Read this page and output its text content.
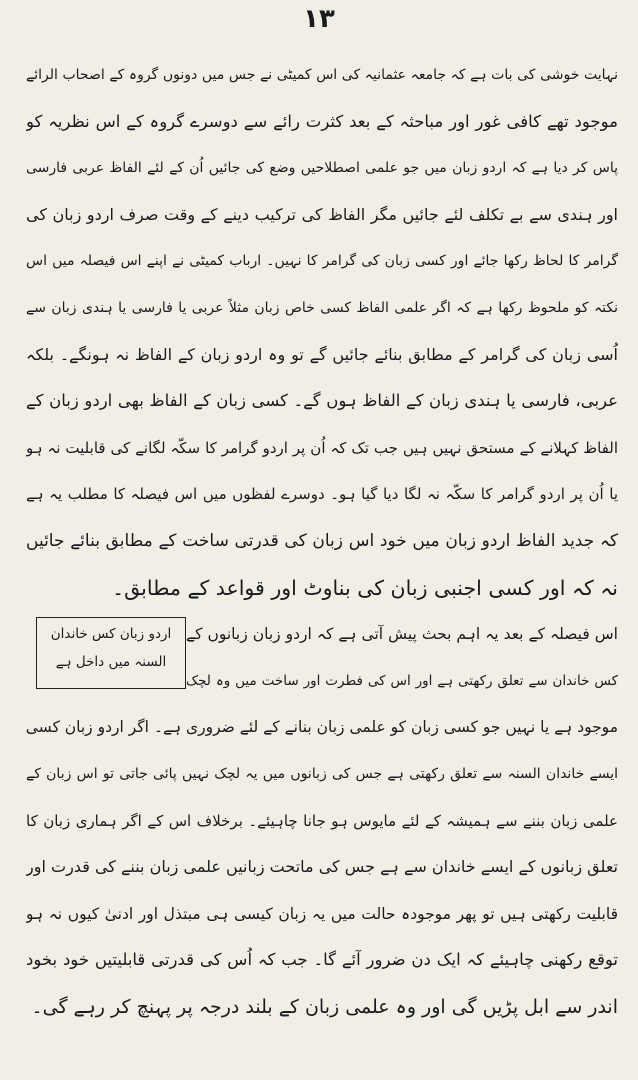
١٣
نہایت خوشی کی بات ہے کہ جامعہ عثمانیہ کی اس کمیٹی نے جس میں دونوں گروہ کے اصحاب الرائے
موجود تھے کافی غور اور مباحثہ کے بعد کثرت رائے سے دوسرے گروہ کے اس نظریہ کو
پاس کر دیا ہے کہ اردو زبان میں جو علمی اصطلاحیں وضع کی جائیں اُن کے لئے الفاظ عربی فارسی
اور ہندی سے بے تکلف لئے جائیں مگر الفاظ کی ترکیب دینے کے وقت صرف اردو زبان کی
گرامر کا لحاظ رکھا جائے اور کسی زبان کی گرامر کا نہیں۔ ارباب کمیٹی نے اپنے اس فیصلہ میں اس
نکتہ کو ملحوظ رکھا ہے کہ اگر علمی الفاظ کسی خاص زبان مثلاً عربی یا فارسی یا ہندی زبان سے
اُسی زبان کی گرامر کے مطابق بنائے جائیں گے تو وہ اردو زبان کے الفاظ نہ ہونگے۔ بلکہ
عربی، فارسی یا ہندی زبان کے الفاظ ہوں گے۔ کسی زبان کے الفاظ بھی اردو زبان کے
الفاظ کہلانے کے مستحق نہیں ہیں جب تک کہ اُن پر اردو گرامر کا سکّہ لگانے کی قابلیت نہ ہو
یا اُن پر اردو گرامر کا سکّہ نہ لگا دیا گیا ہو۔ دوسرے لفظوں میں اس فیصلہ کا مطلب یہ ہے
کہ جدید الفاظ اردو زبان میں خود اس زبان کی قدرتی ساخت کے مطابق بنائے جائیں
نہ کہ اور کسی اجنبی زبان کی بناوٹ اور قواعد کے مطابق۔
اس فیصلہ کے بعد یہ اہم بحث پیش آتی ہے کہ اردو زبان زبانوں کے
کس خاندان سے تعلق رکھتی ہے اور اس کی فطرت اور ساخت میں وہ لچک
اردو زبان کس خاندان
السنہ میں داخل ہے
موجود ہے یا نہیں جو کسی زبان کو علمی زبان بنانے کے لئے ضروری ہے۔ اگر اردو زبان کسی
ایسے خاندان السنہ سے تعلق رکھتی ہے جس کی زبانوں میں یہ لچک نہیں پائی جاتی تو اس زبان کے
علمی زبان بننے سے ہمیشہ کے لئے مایوس ہو جانا چاہیئے۔ برخلاف اس کے اگر ہماری زبان کا
تعلق زبانوں کے ایسے خاندان سے ہے جس کی ماتحت زبانیں علمی زبان بننے کی قدرت اور
قابلیت رکھتی ہیں تو پھر موجودہ حالت میں یہ زبان کیسی ہی مبتذل اور ادنیٰ کیوں نہ ہو
توقع رکھنی چاہیئے کہ ایک دن ضرور آئے گا۔ جب کہ اُس کی قدرتی قابلیتیں خود بخود
اندر سے ابل پڑیں گی اور وہ علمی زبان کے بلند درجہ پر پہنچ کر رہے گی۔
